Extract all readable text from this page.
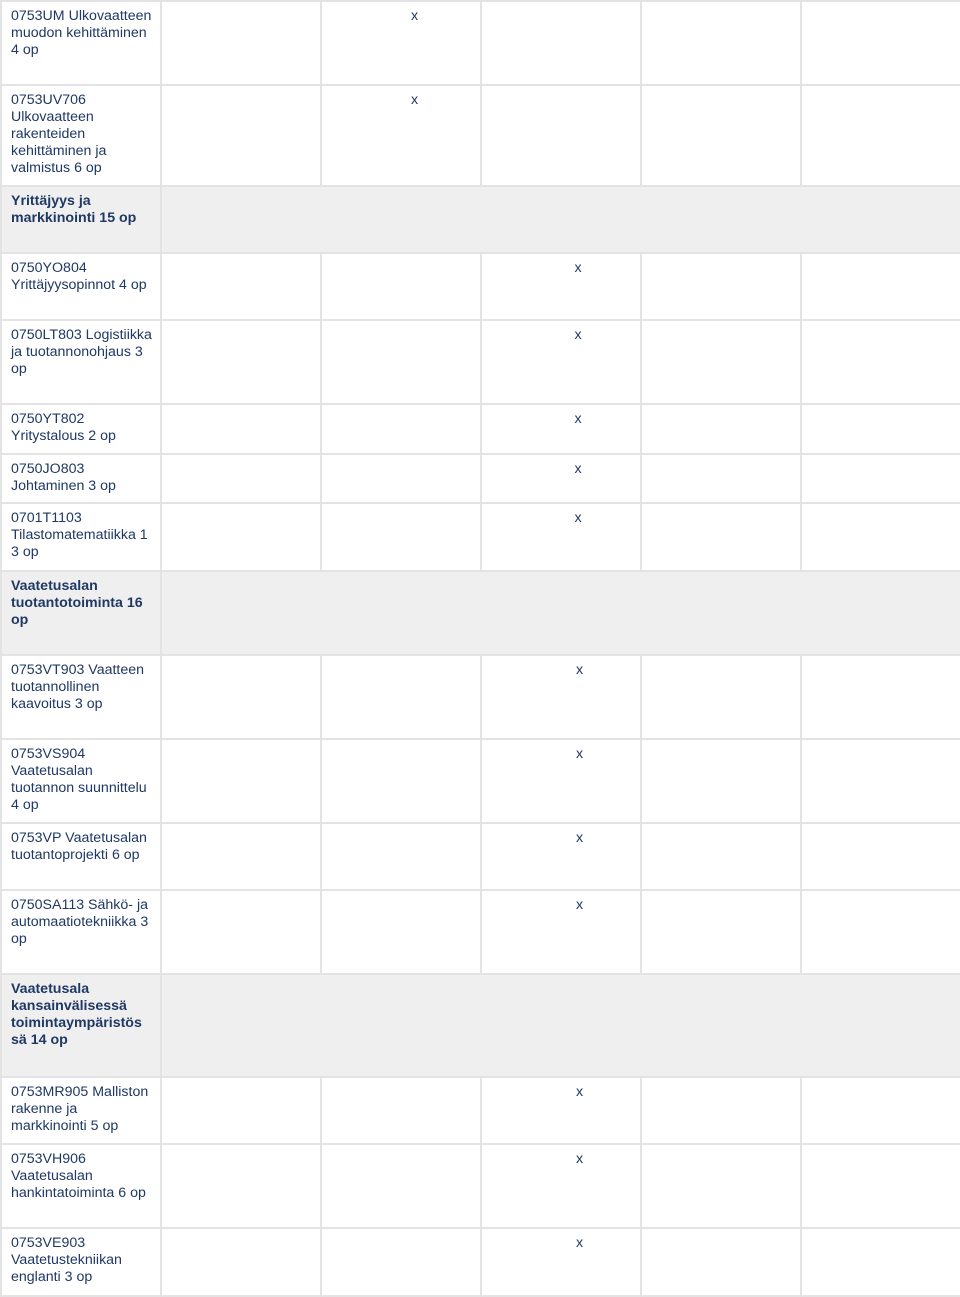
0753UM Ulkovaatteen muodon kehittäminen 4 op		x			
0753UV706 Ulkovaatteen rakenteiden kehittäminen ja valmistus 6 op		x			
Yrittäjyys ja markkinointi 15 op					
0750YO804 Yrittäjyysopinnot 4 op			x		
0750LT803 Logistiikka ja tuotannonohjaus 3 op			x		
0750YT802 Yritystalous 2 op			x		
0750JO803 Johtaminen 3 op			x		
0701T1103 Tilastomatematiikka 1 3 op			x		
Vaatetusalan tuotantotoiminta 16 op					
0753VT903 Vaatteen tuotannollinen kaavoitus 3 op			x		
0753VS904 Vaatetusalan tuotannon suunnittelu 4 op			x		
0753VP Vaatetusalan tuotantoprojekti 6 op			x		
0750SA113 Sähkö- ja automaatiotekniikka 3 op			x		
Vaatetusala kansainvälisessä toimintaympäristös sä 14 op					
0753MR905 Malliston rakenne ja markkinointi 5 op			x		
0753VH906 Vaatetusalan hankintatoiminta 6 op			x		
0753VE903 Vaatetustekniikan englanti 3 op			x		
